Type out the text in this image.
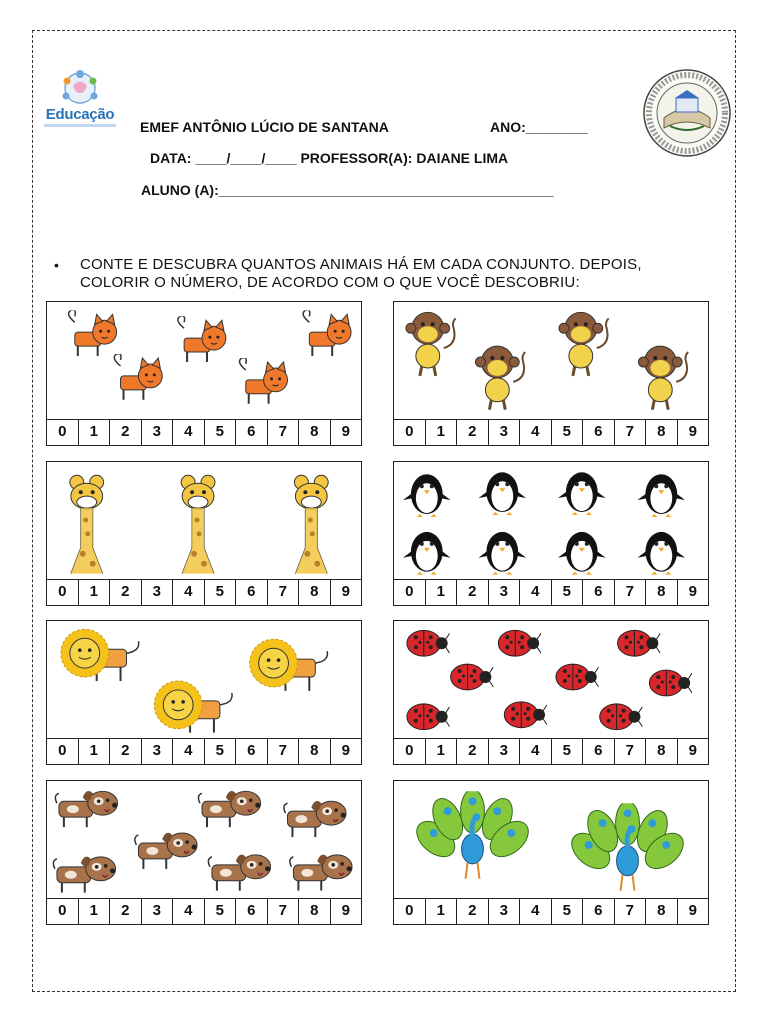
Educação
EMEF ANTÔNIO LÚCIO DE SANTANA	ANO:________
DATA: ____/____/____ PROFESSOR(A): DAIANE LIMA
ALUNO (A):___________________________________________
• CONTE E DESCUBRA QUANTOS ANIMAIS HÁ EM CADA CONJUNTO. DEPOIS, COLORIR O NÚMERO, DE ACORDO COM O QUE VOCÊ DESCOBRIU:
0	1	2	3	4	5	6	7	8	9	0	1	2	3	4	5	6	7	8	9
0	1	2	3	4	5	6	7	8	9	0	1	2	3	4	5	6	7	8	9
0	1	2	3	4	5	6	7	8	9	0	1	2	3	4	5	6	7	8	9
0	1	2	3	4	5	6	7	8	9	0	1	2	3	4	5	6	7	8	9
